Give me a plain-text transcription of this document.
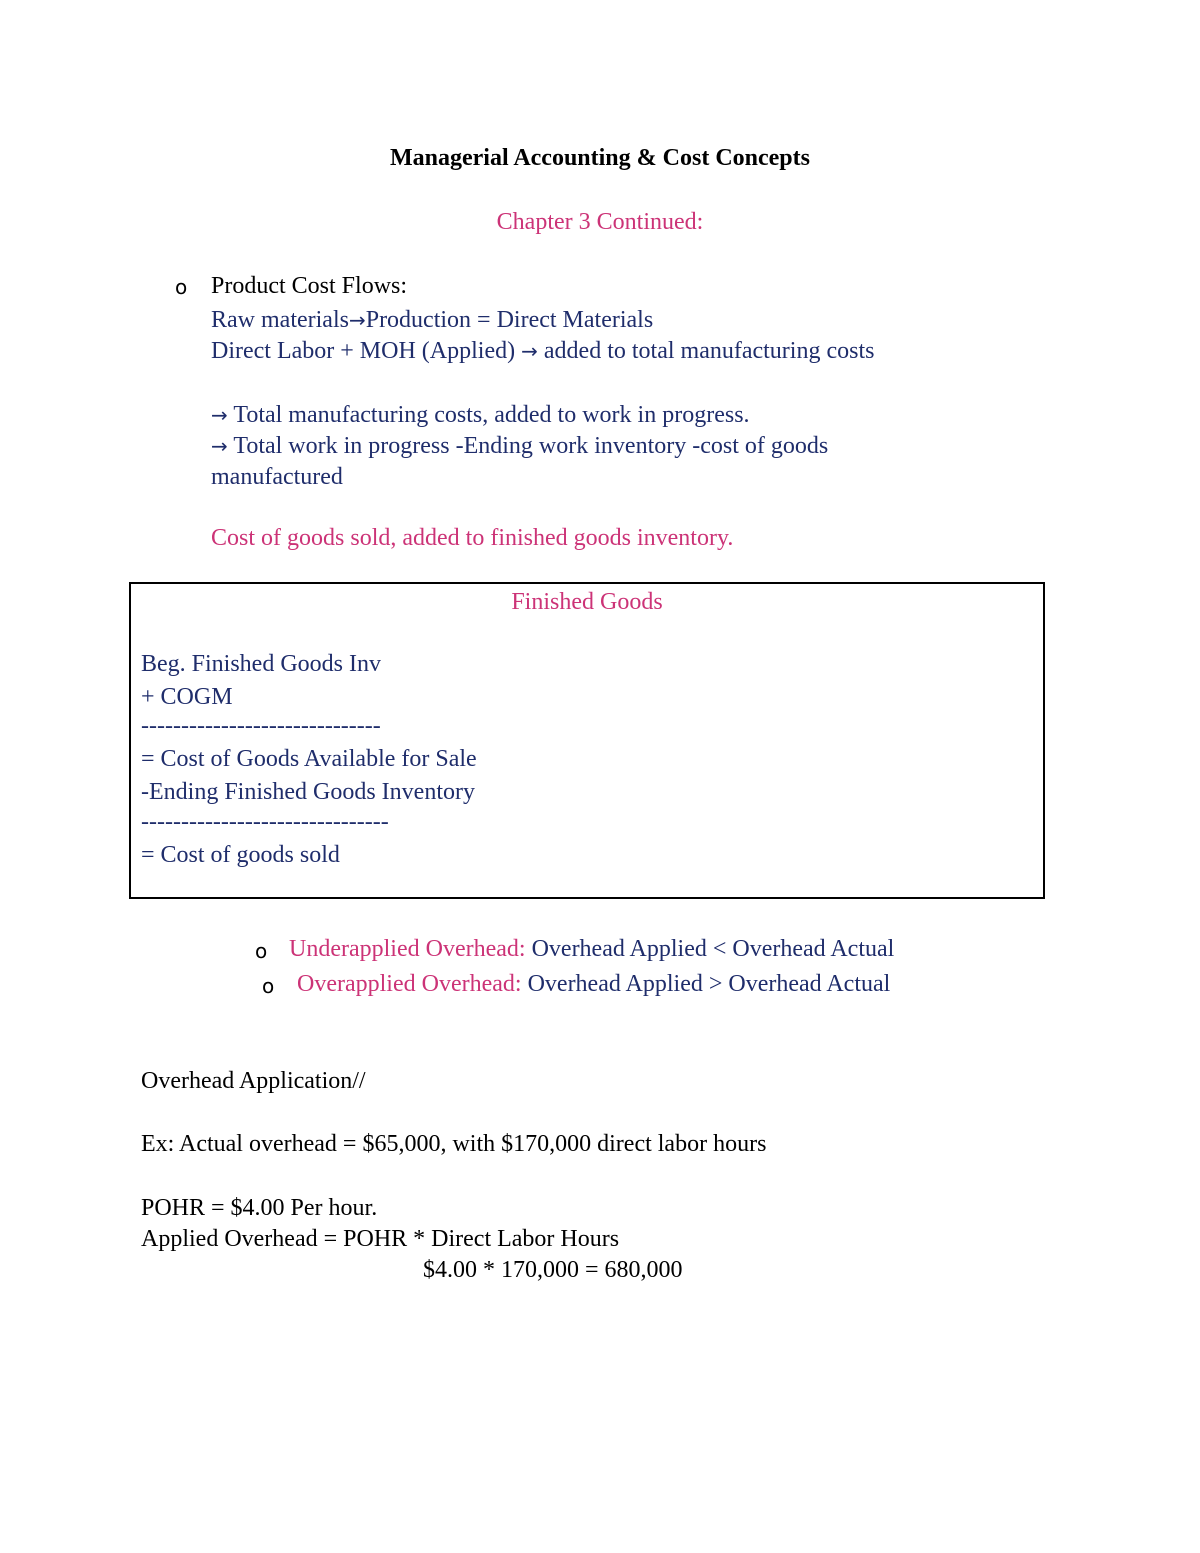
Managerial Accounting & Cost Concepts
Chapter 3 Continued:
o Product Cost Flows:
Raw materials→Production = Direct Materials
Direct Labor + MOH (Applied) → added to total manufacturing costs
→ Total manufacturing costs, added to work in progress.
→ Total work in progress -Ending work inventory -cost of goods
manufactured
Cost of goods sold, added to finished goods inventory.
Finished Goods
Beg. Finished Goods Inv
+ COGM
------------------------------
= Cost of Goods Available for Sale
-Ending Finished Goods Inventory
-------------------------------
= Cost of goods sold
o Underapplied Overhead: Overhead Applied < Overhead Actual
o Overapplied Overhead: Overhead Applied > Overhead Actual
Overhead Application//
Ex: Actual overhead = $65,000, with $170,000 direct labor hours
POHR = $4.00 Per hour.
Applied Overhead = POHR * Direct Labor Hours
$4.00 * 170,000 = 680,000
